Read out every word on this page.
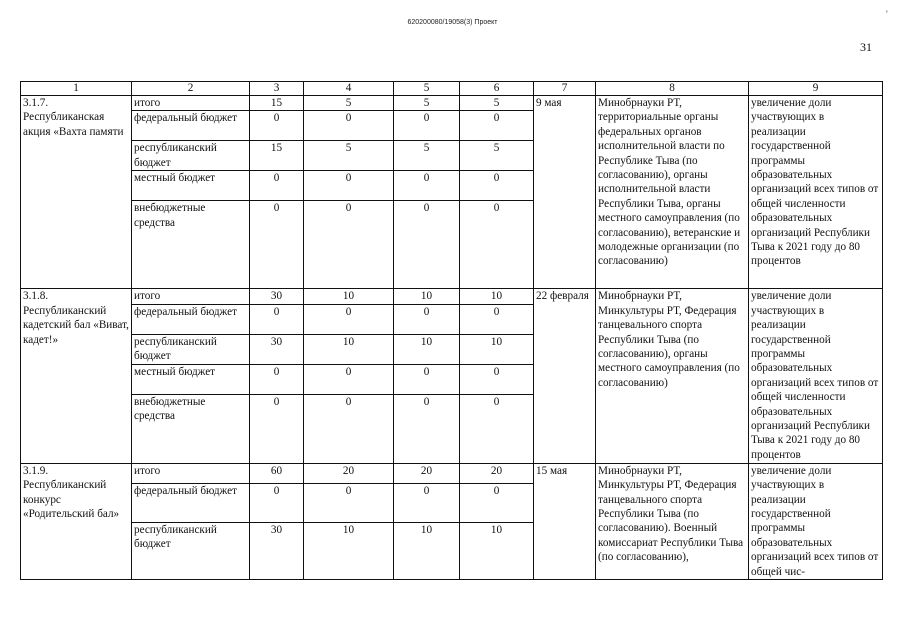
620200080/19058(3) Проект
'
31
1	2	3	4	5	6	7	8	9
3.1.7. Республиканская акция «Вахта памяти	итого	15	5	5	5	9 мая	Минобрнауки РТ, территориальные органы федеральных органов исполнительной власти по Республике Тыва (по согласованию), органы исполнительной власти Республики Тыва, органы местного самоуправления (по согласованию), ветеранские и молодежные организации (по согласованию)	увеличение доли участвующих в реализации государственной программы образовательных организаций всех типов от общей численности образовательных организаций Республики Тыва к 2021 году до 80 процентов
	федеральный бюджет	0	0	0	0			
	республиканский бюджет	15	5	5	5			
	местный бюджет	0	0	0	0			
	внебюджетные средства	0	0	0	0			
3.1.8. Республиканский кадетский бал «Виват, кадет!»	итого	30	10	10	10	22 февраля	Минобрнауки РТ, Минкультуры РТ, Федерация танцевального спорта Республики Тыва (по согласованию), органы местного самоуправления (по согласованию)	увеличение доли участвующих в реализации государственной программы образовательных организаций всех типов от общей численности образовательных организаций Республики Тыва к 2021 году до 80 процентов
	федеральный бюджет	0	0	0	0			
	республиканский бюджет	30	10	10	10			
	местный бюджет	0	0	0	0			
	внебюджетные средства	0	0	0	0			
3.1.9. Республиканский конкурс «Родительский бал»	итого	60	20	20	20	15 мая	Минобрнауки РТ, Минкультуры РТ, Федерация танцевального спорта Республики Тыва (по согласованию). Военный комиссариат Республики Тыва (по согласованию),	увеличение доли участвующих в реализации государственной программы образовательных организаций всех типов от общей чис-
	федеральный бюджет	0	0	0	0			
	республиканский бюджет	30	10	10	10			
